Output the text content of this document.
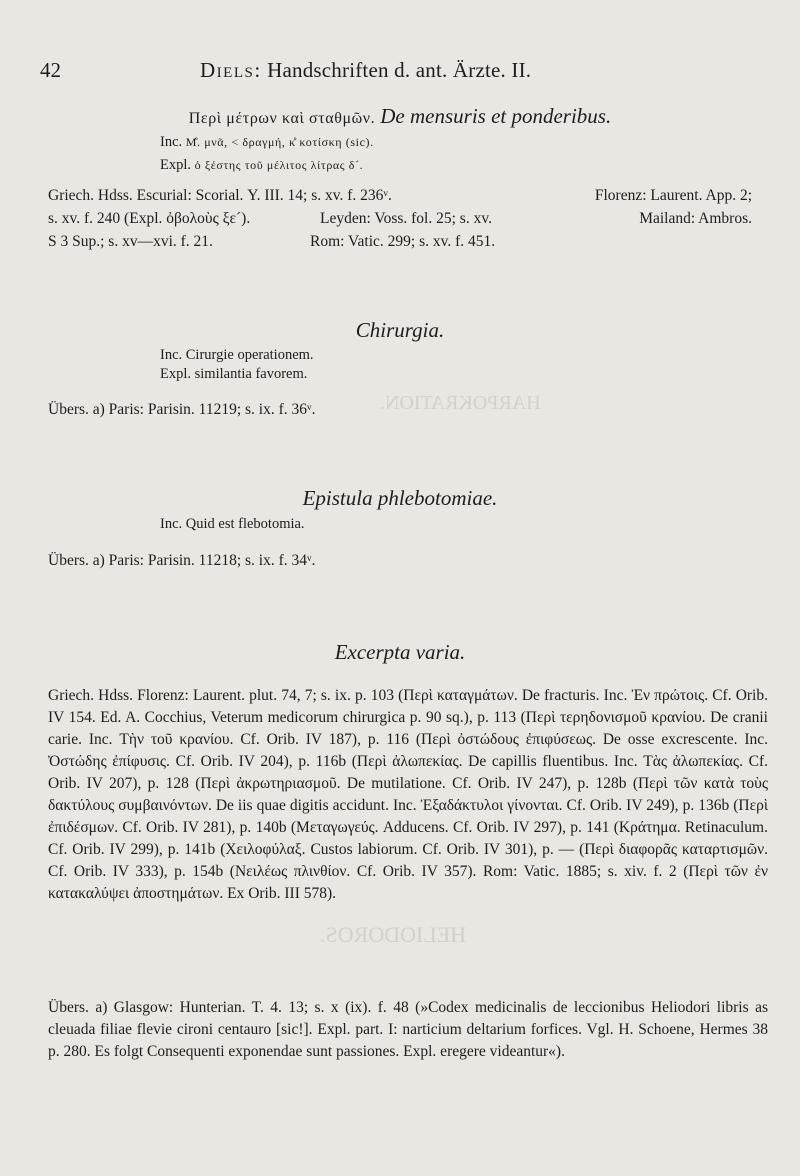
HARPOKRATION.
HELIODOROS.
42	Diels: Handschriften d. ant. Ärzte. II.
Περὶ μέτρων καὶ σταθμῶν. De mensuris et ponderibus.
Inc. Μ̊. μνᾶ, < δραγμή, κ̊ κοτίσκη (sic).
Expl. ὁ ξέστης τοῦ μέλιτος λίτρας δ´.
Griech. Hdss. Escurial: Scorial. Υ. III. 14; s. xv. f. 236ᵛ.	Florenz: Laurent. App. 2;
s. xv. f. 240 (Expl. ὀβολοὺς ξε´).	Leyden: Voss. fol. 25; s. xv.	Mailand: Ambros.
S 3 Sup.; s. xv—xvi. f. 21.	Rom: Vatic. 299; s. xv. f. 451.
Chirurgia.
Inc. Cirurgie operationem.
Expl. similantia favorem.
Übers. a) Paris: Parisin. 11219; s. ix. f. 36ᵛ.
Epistula phlebotomiae.
Inc. Quid est flebotomia.
Übers. a) Paris: Parisin. 11218; s. ix. f. 34ᵛ.
Excerpta varia.
Griech. Hdss. Florenz: Laurent. plut. 74, 7; s. ix. p. 103 (Περὶ καταγμάτων. De fracturis. Inc. Ἐν πρώτοις. Cf. Orib. IV 154. Ed. A. Cocchius, Veterum medicorum chirurgica p. 90 sq.), p. 113 (Περὶ τερηδονισμοῦ κρανίου. De cranii carie. Inc. Τὴν τοῦ κρανίου. Cf. Orib. IV 187), p. 116 (Περὶ ὀστώδους ἐπιφύσεως. De osse excrescente. Inc. Ὀστώδης ἐπίφυσις. Cf. Orib. IV 204), p. 116b (Περὶ ἀλωπεκίας. De capillis fluentibus. Inc. Τὰς ἀλωπεκίας. Cf. Orib. IV 207), p. 128 (Περὶ ἀκρωτηριασμοῦ. De mutilatione. Cf. Orib. IV 247), p. 128b (Περὶ τῶν κατὰ τοὺς δακτύλους συμβαινόντων. De iis quae digitis accidunt. Inc. Ἐξαδάκτυλοι γίνονται. Cf. Orib. IV 249), p. 136b (Περὶ ἐπιδέσμων. Cf. Orib. IV 281), p. 140b (Μεταγωγεύς. Adducens. Cf. Orib. IV 297), p. 141 (Κράτημα. Retinaculum. Cf. Orib. IV 299), p. 141b (Χειλοφύλαξ. Custos labiorum. Cf. Orib. IV 301), p. — (Περὶ διαφορᾶς καταρτισμῶν. Cf. Orib. IV 333), p. 154b (Νειλέως πλινθίον. Cf. Orib. IV 357). Rom: Vatic. 1885; s. xiv. f. 2 (Περὶ τῶν ἐν κατακαλύψει ἀποστημάτων. Ex Orib. III 578).
Übers. a) Glasgow: Hunterian. T. 4. 13; s. x (ix). f. 48 (»Codex medicinalis de leccionibus Heliodori libris as cleuada filiae flevie cironi centauro [sic!]. Expl. part. I: narticium deltarium forfices. Vgl. H. Schoene, Hermes 38 p. 280. Es folgt Consequenti exponendae sunt passiones. Expl. eregere videantur«).
